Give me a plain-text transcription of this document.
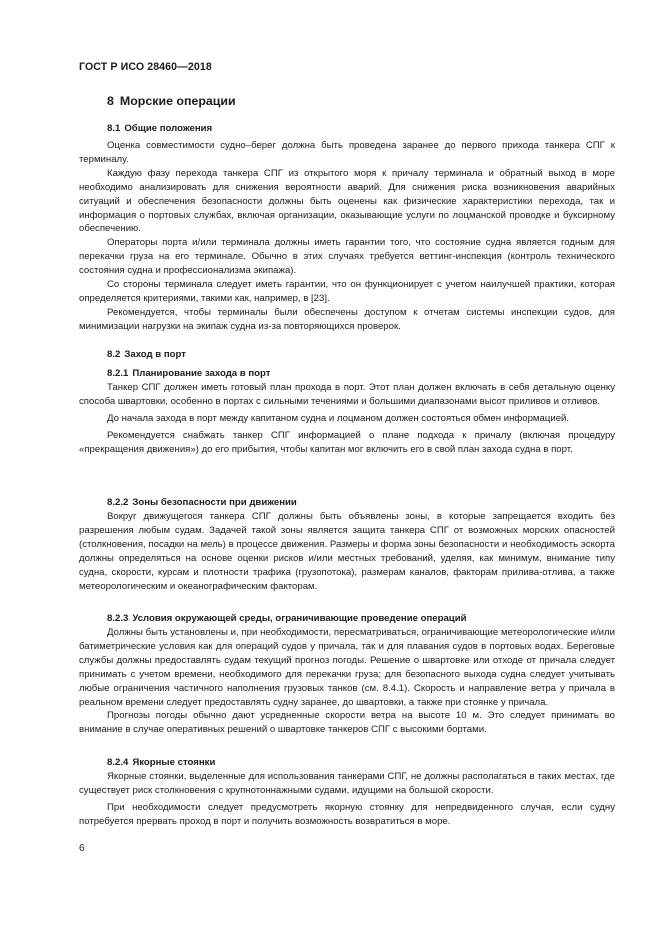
ГОСТ Р ИСО 28460—2018
8 Морские операции
8.1 Общие положения

Оценка совместимости судно–берег должна быть проведена заранее до первого прихода танкера СПГ к терминалу.

Каждую фазу перехода танкера СПГ из открытого моря к причалу терминала и обратный выход в море необходимо анализировать для снижения вероятности аварий. Для снижения риска возникновения аварийных ситуаций и обеспечения безопасности должны быть оценены как физические характеристики перехода, так и информация о портовых службах, включая организации, оказывающие услуги по лоцманской проводке и буксирному обеспечению.

Операторы порта и/или терминала должны иметь гарантии того, что состояние судна является годным для перекачки груза на его терминале. Обычно в этих случаях требуется веттинг-инспекция (контроль технического состояния судна и профессионализма экипажа).

Со стороны терминала следует иметь гарантии, что он функционирует с учетом наилучшей практики, которая определяется критериями, такими как, например, в [23].

Рекомендуется, чтобы терминалы были обеспечены доступом к отчетам системы инспекции судов, для минимизации нагрузки на экипаж судна из-за повторяющихся проверок.

8.2 Заход в порт
8.2.1 Планирование захода в порт

Танкер СПГ должен иметь готовый план прохода в порт. Этот план должен включать в себя детальную оценку способа швартовки, особенно в портах с сильными течениями и большими диапазонами высот приливов и отливов.

До начала захода в порт между капитаном судна и лоцманом должен состояться обмен информацией.

Рекомендуется снабжать танкер СПГ информацией о плане подхода к причалу (включая процедуру «прекращения движения») до его прибытия, чтобы капитан мог включить его в свой план захода судна в порт.

8.2.2 Зоны безопасности при движении

Вокруг движущегося танкера СПГ должны быть объявлены зоны, в которые запрещается входить без разрешения любым судам. Задачей такой зоны является защита танкера СПГ от возможных морских опасностей (столкновения, посадки на мель) в процессе движения. Размеры и форма зоны безопасности и необходимость эскорта должны определяться на основе оценки рисков и/или местных требований, уделяя, как минимум, внимание типу судна, скорости, курсам и плотности трафика (грузопотока), размерам каналов, факторам прилива-отлива, а также метеорологическим и океанографическим факторам.

8.2.3 Условия окружающей среды, ограничивающие проведение операций

Должны быть установлены и, при необходимости, пересматриваться, ограничивающие метеорологические и/или батиметрические условия как для операций судов у причала, так и для плавания судов в портовых водах. Береговые службы должны предоставлять судам текущий прогноз погоды. Решение о швартовке или отходе от причала следует принимать с учетом времени, необходимого для перекачки груза; для безопасного выхода судна следует учитывать любые ограничения частичного наполнения грузовых танков (см. 8.4.1). Скорость и направление ветра у причала в реальном времени следует предоставлять судну заранее, до швартовки, а также при стоянке у причала.

Прогнозы погоды обычно дают усредненные скорости ветра на высоте 10 м. Это следует принимать во внимание в случае оперативных решений о швартовке танкеров СПГ с высокими бортами.

8.2.4 Якорные стоянки

Якорные стоянки, выделенные для использования танкерами СПГ, не должны располагаться в таких местах, где существует риск столкновения с крупнотоннажными судами, идущими на большой скорости.

При необходимости следует предусмотреть якорную стоянку для непредвиденного случая, если судну потребуется прервать проход в порт и получить возможность возвратиться в море.

6
